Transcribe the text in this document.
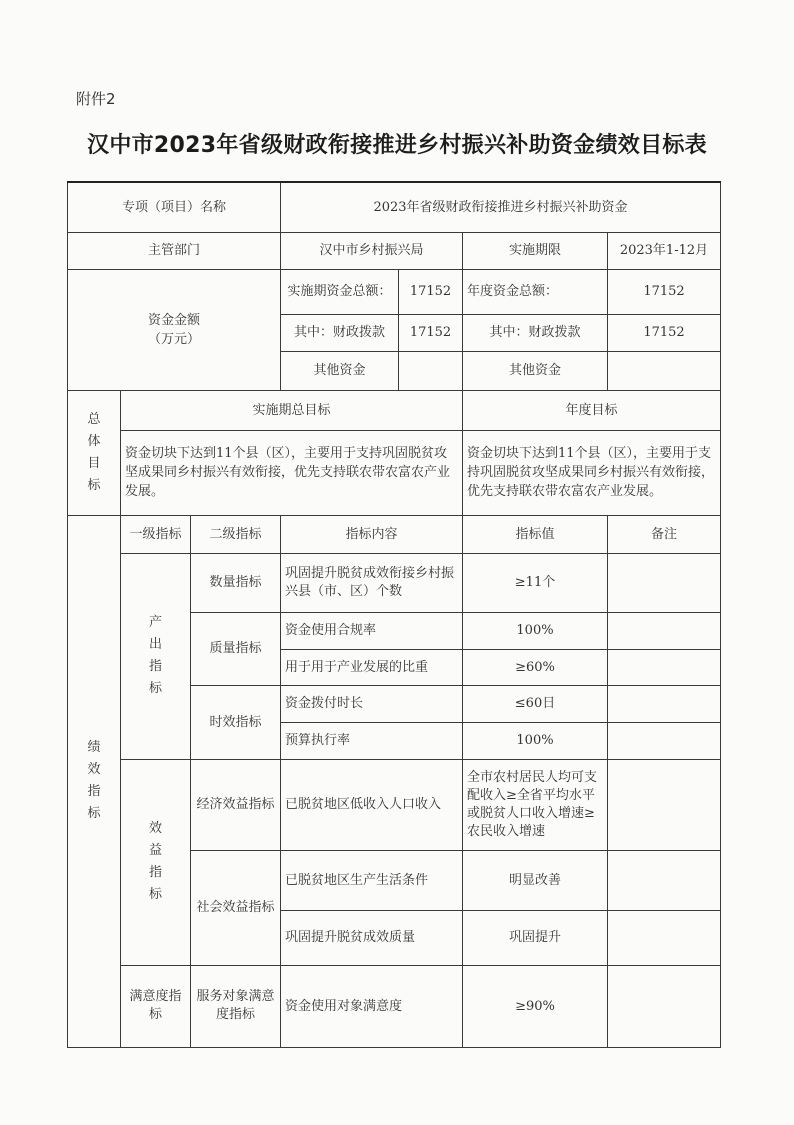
附件2
汉中市2023年省级财政衔接推进乡村振兴补助资金绩效目标表
专项（项目）名称			2023年省级财政衔接推进乡村振兴补助资金			
主管部门			汉中市乡村振兴局		实施期限	2023年1-12月

资金金额
（万元）			实施期资金总额：	17152	年度资金总额：	17152
			其中：财政拨款	17152	其中：财政拨款	17152
			其他资金		其他资金	
总体目标	实施期总目标				年度目标	
	资金切块下达到11个县（区），主要用于支持巩固脱贫攻坚成果同乡村振兴有效衔接，优先支持联农带农富农产业发展。				资金切块下达到11个县（区），主要用于支持巩固脱贫攻坚成果同乡村振兴有效衔接，优先支持联农带农富农产业发展。	
绩效指标	一级指标	二级指标	指标内容		指标值	备注
	产出指标	数量指标	巩固提升脱贫成效衔接乡村振兴县（市、区）个数		≥11个	
		质量指标	资金使用合规率		100%	
			用于用于产业发展的比重		≥60%	
		时效指标	资金拨付时长		≤60日	
			预算执行率		100%	
	效益指标	经济效益指标	已脱贫地区低收入人口收入		全市农村居民人均可支配收入≥全省平均水平或脱贫人口收入增速≥农民收入增速	
		社会效益指标	已脱贫地区生产生活条件		明显改善	
			巩固提升脱贫成效质量		巩固提升	
	满意度指标	服务对象满意度指标	资金使用对象满意度		≥90%	
